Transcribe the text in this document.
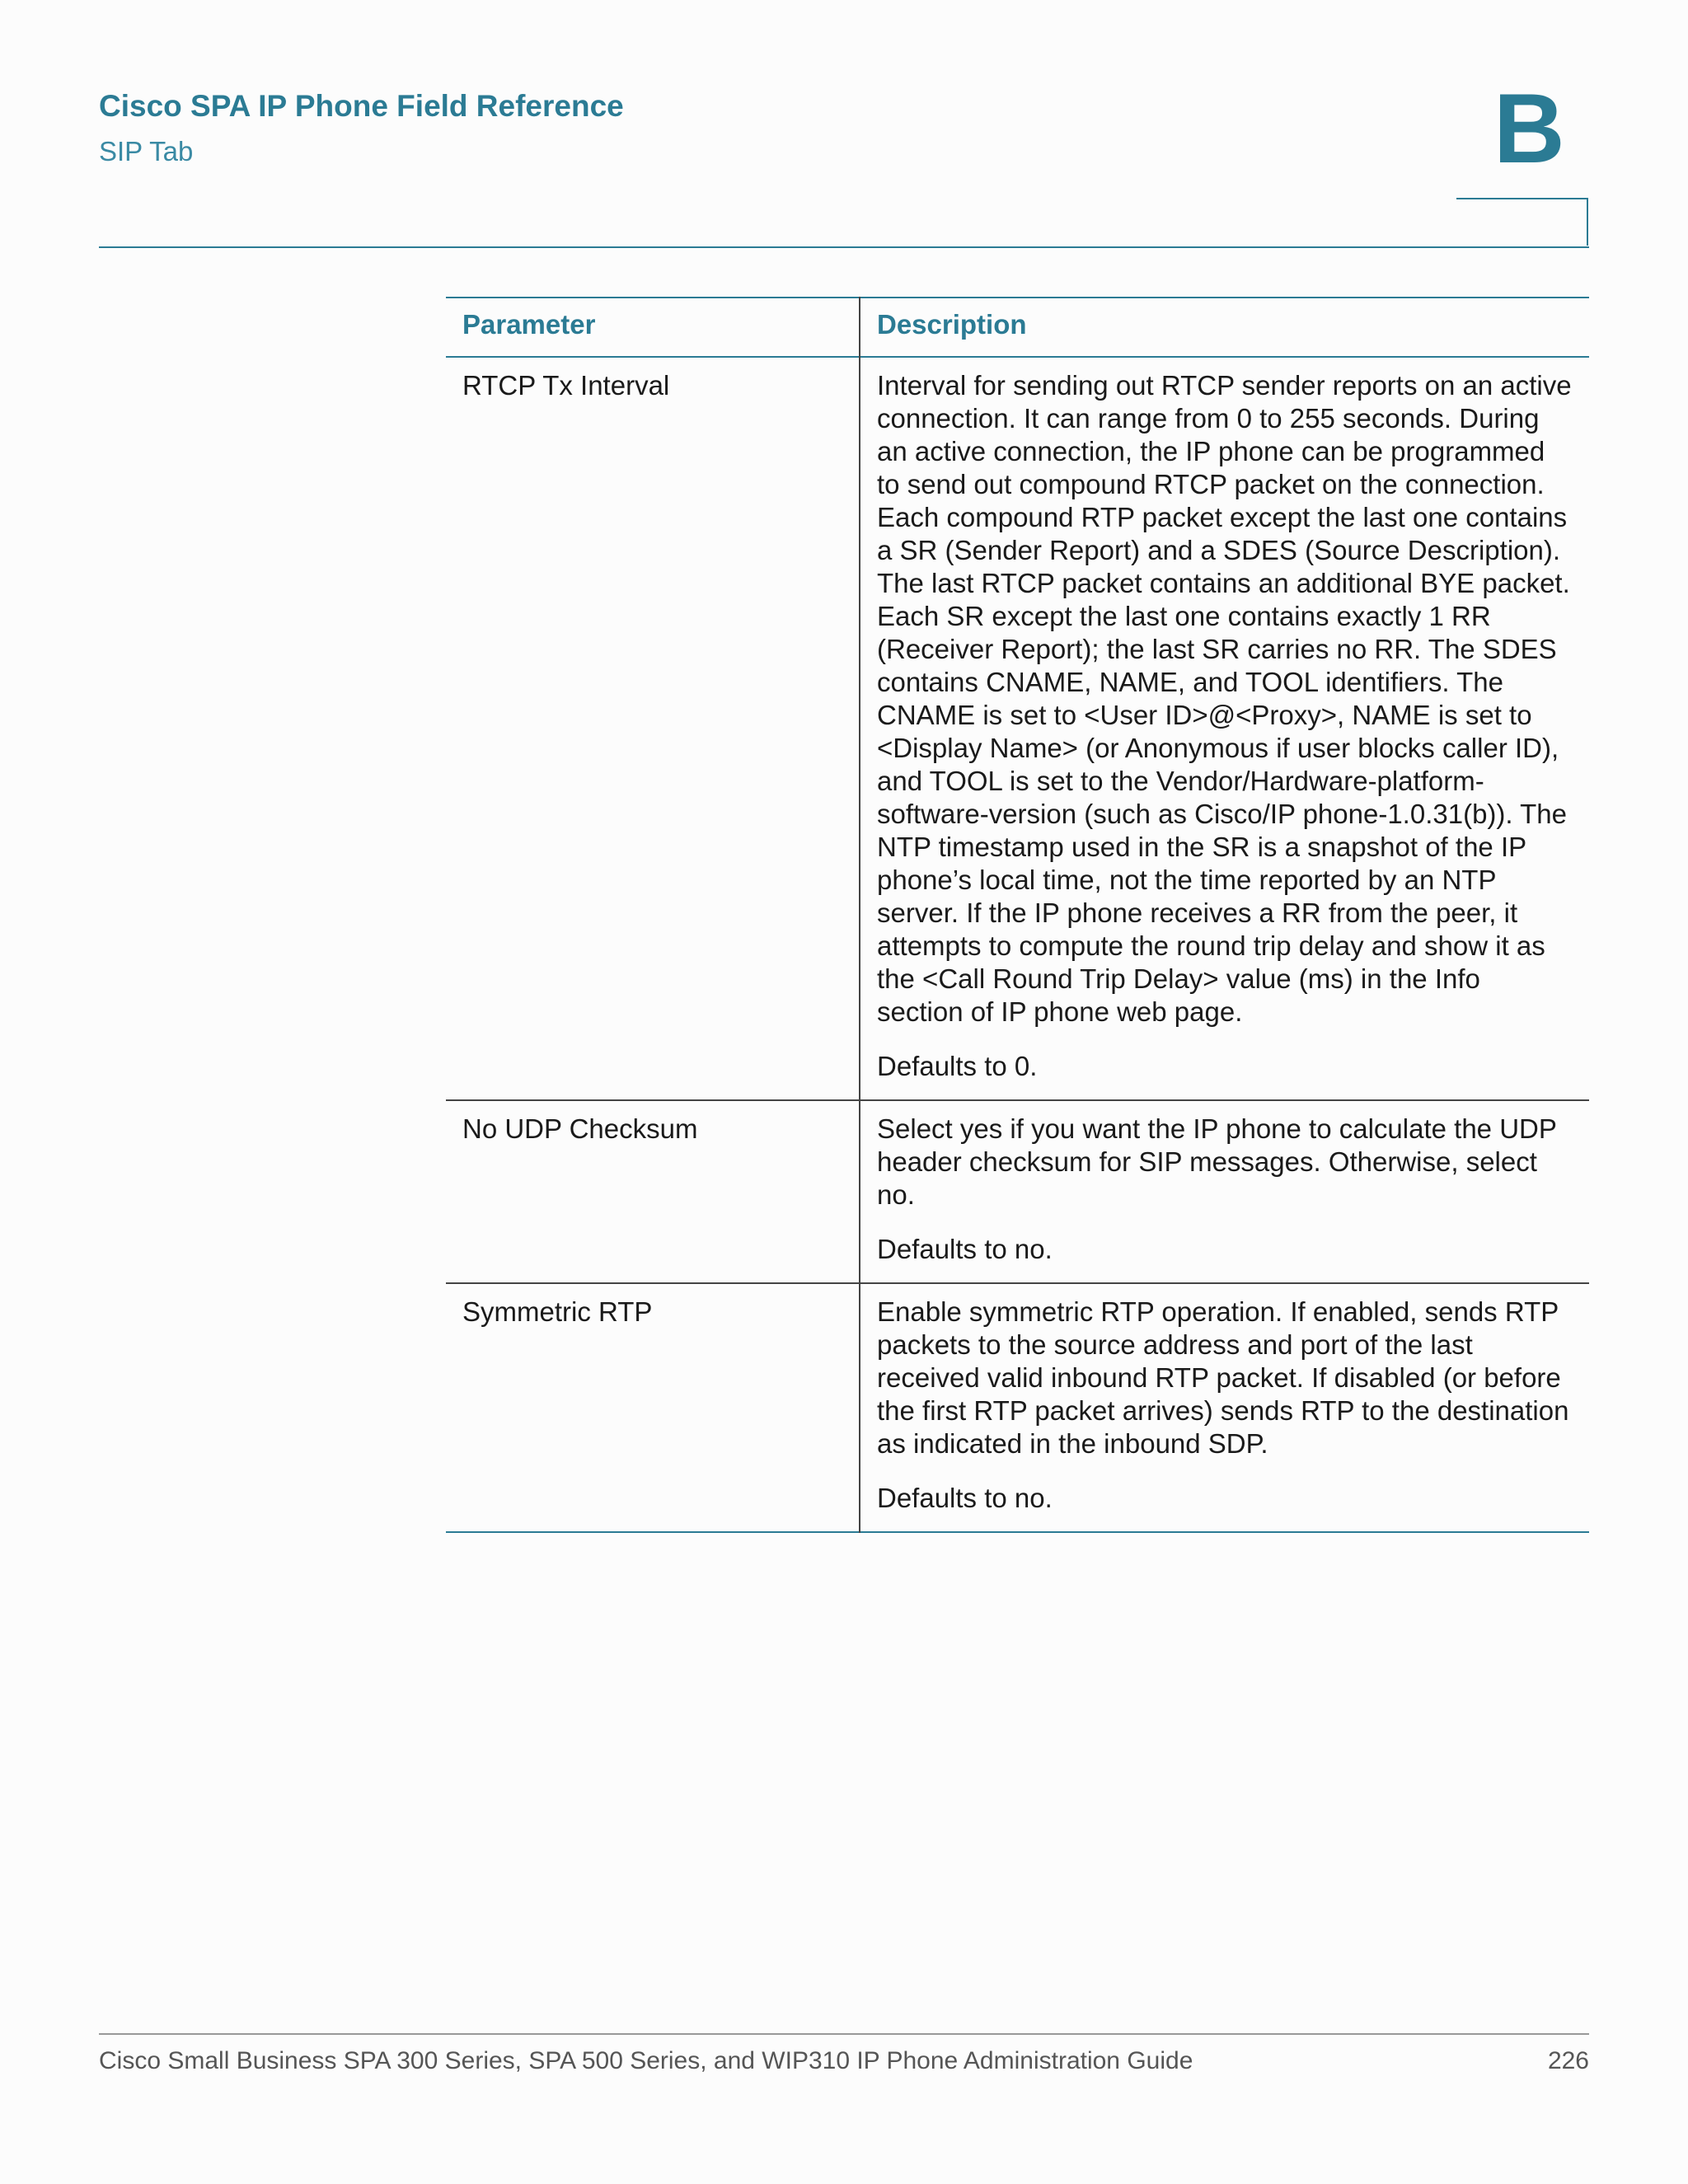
Cisco SPA IP Phone Field Reference
SIP Tab	B
Parameter	Description
RTCP Tx Interval	Interval for sending out RTCP sender reports on an active connection. It can range from 0 to 255 seconds. During an active connection, the IP phone can be programmed to send out compound RTCP packet on the connection. Each compound RTP packet except the last one contains a SR (Sender Report) and a SDES (Source Description). The last RTCP packet contains an additional BYE packet. Each SR except the last one contains exactly 1 RR (Receiver Report); the last SR carries no RR. The SDES contains CNAME, NAME, and TOOL identifiers. The CNAME is set to <User ID>@<Proxy>, NAME is set to <Display Name> (or Anonymous if user blocks caller ID), and TOOL is set to the Vendor/Hardware-platform-software-version (such as Cisco/IP phone-1.0.31(b)). The NTP timestamp used in the SR is a snapshot of the IP phone’s local time, not the time reported by an NTP server. If the IP phone receives a RR from the peer, it attempts to compute the round trip delay and show it as the <Call Round Trip Delay> value (ms) in the Info section of IP phone web page.

Defaults to 0.

No UDP Checksum	Select yes if you want the IP phone to calculate the UDP header checksum for SIP messages. Otherwise, select no.

Defaults to no.

Symmetric RTP	Enable symmetric RTP operation. If enabled, sends RTP packets to the source address and port of the last received valid inbound RTP packet. If disabled (or before the first RTP packet arrives) sends RTP to the destination as indicated in the inbound SDP.

Defaults to no.

Cisco Small Business SPA 300 Series, SPA 500 Series, and WIP310 IP Phone Administration Guide	226
